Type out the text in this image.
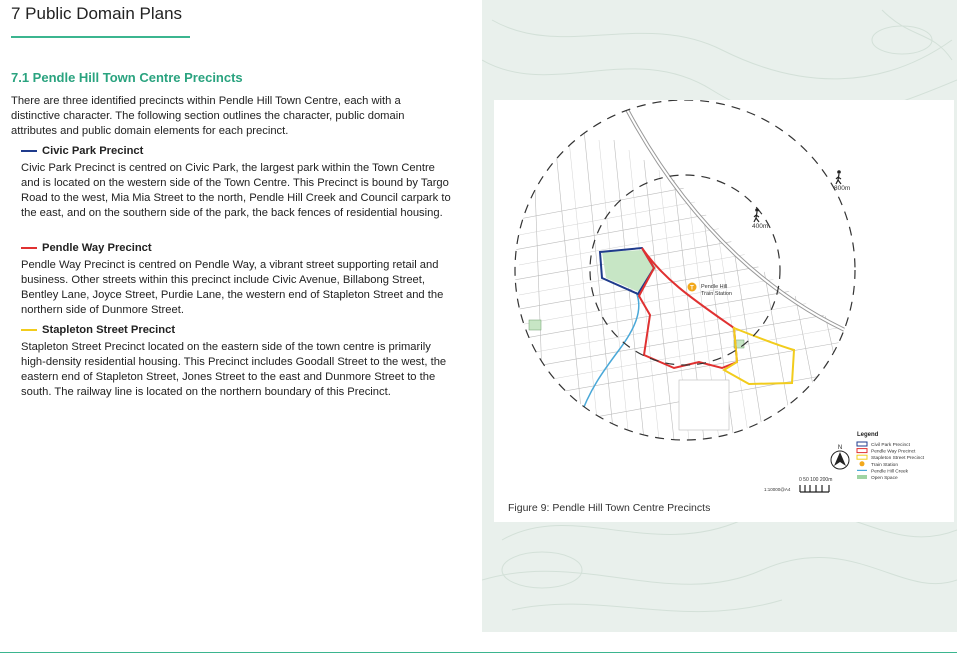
7 Public Domain Plans
7.1 Pendle Hill Town Centre Precincts

There are three identified precincts within Pendle Hill Town Centre, each with a distinctive character. The following section outlines the character, public domain attributes and public domain elements for each precinct.

Civic Park Precinct

Civic Park Precinct is centred on Civic Park, the largest park within the Town Centre and is located on the western side of the Town Centre. This Precinct is bound by Targo Road to the west, Mia Mia Street to the north, Pendle Hill Creek and Council carpark to the east, and on the southern side of the park, the back fences of residential housing.

Pendle Way Precinct

Pendle Way Precinct is centred on Pendle Way, a vibrant street supporting retail and business. Other streets within this precinct include Civic Avenue, Billabong Street, Bentley Lane, Joyce Street, Purdie Lane, the western end of Stapleton Street and the northern side of Dunmore Street.

Stapleton Street Precinct

Stapleton Street Precinct located on the eastern side of the town centre is primarily high-density residential housing. This Precinct includes Goodall Street to the west, the eastern end of Stapleton Street, Jones Street to the east and Dunmore Street to the south. The railway line is located on the northern boundary of this Precinct.

800m
400m
T Pendle Hill
Train Station
Legend
Civil Park Precinct
Pendle Way Precinct
Stapleton Street Precinct
Train Station
Pendle Hill Creek
Open Space
N
0 50 100 200m
1:10000@A4
Figure 9: Pendle Hill Town Centre Precincts
